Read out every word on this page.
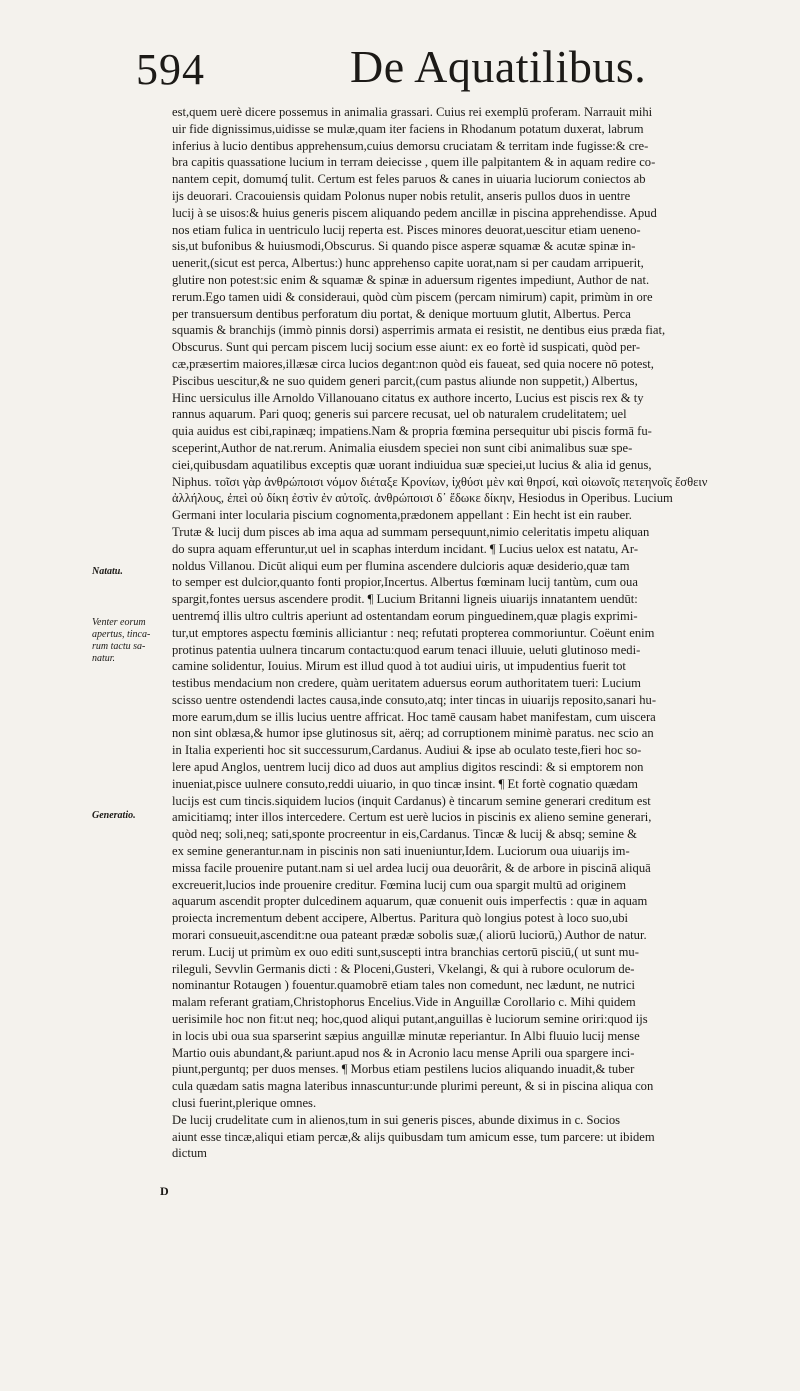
594	De Aquatilibus.
Natatu.
Venter eorum apertus, tinca- rum tactu sa- natur.
Generatio.
D
est,quem uerè dicere possemus in animalia grassari. Cuius rei exemplū proferam. Narrauit mihi
uir fide dignissimus,uidisse se mulæ,quam iter faciens in Rhodanum potatum duxerat, labrum
inferius à lucio dentibus apprehensum,cuius demorsu cruciatam & territam inde fugisse:& cre-
bra capitis quassatione lucium in terram deiecisse , quem ille palpitantem & in aquam redire co-
nantem cepit, domumq́ tulit. Certum est feles paruos & canes in uiuaria luciorum coniectos ab
ijs deuorari. Cracouiensis quidam Polonus nuper nobis retulit, anseris pullos duos in uentre
lucij à se uisos:& huius generis piscem aliquando pedem ancillæ in piscina apprehendisse. Apud
nos etiam fulica in uentriculo lucij reperta est. Pisces minores deuorat,uescitur etiam ueneno-
sis,ut bufonibus & huiusmodi,Obscurus. Si quando pisce asperæ squamæ & acutæ spinæ in-
uenerit,(sicut est perca, Albertus:) hunc apprehenso capite uorat,nam si per caudam arripuerit,
glutire non potest:sic enim & squamæ & spinæ in aduersum rigentes impediunt, Author de nat.
rerum.Ego tamen uidi & consideraui, quòd cùm piscem (percam nimirum) capit, primùm in ore
per transuersum dentibus perforatum diu portat, & denique mortuum glutit, Albertus. Perca
squamis & branchijs (immò pinnis dorsi) asperrimis armata ei resistit, ne dentibus eius præda fiat,
Obscurus. Sunt qui percam piscem lucij socium esse aiunt: ex eo fortè id suspicati, quòd per-
cæ,præsertim maiores,illæsæ circa lucios degant:non quòd eis faueat, sed quia nocere nō potest,
Piscibus uescitur,& ne suo quidem generi parcit,(cum pastus aliunde non suppetit,) Albertus,
Hinc uersiculus ille Arnoldo Villanouano citatus ex authore incerto, Lucius est piscis rex & ty
rannus aquarum. Pari quoq; generis sui parcere recusat, uel ob naturalem crudelitatem; uel
quia auidus est cibi,rapinæq; impatiens.Nam & propria fœmina persequitur ubi piscis formā fu-
sceperint,Author de nat.rerum. Animalia eiusdem speciei non sunt cibi animalibus suæ spe-
ciei,quibusdam aquatilibus exceptis quæ uorant indiuidua suæ speciei,ut lucius & alia id genus,
Niphus. τοῖσι γὰρ ἀνθρώποισι νόμον διέταξε Κρονίων, ἰχθύσι μὲν καὶ θηρσί, καὶ οἰωνοῖς πετεηνοῖς ἔσθειν
ἀλλήλους, ἐπεὶ οὐ δίκη ἐστὶν ἐν αὐτοῖς. ἀνθρώποισι δ᾽ ἔδωκε δίκην, Hesiodus in Operibus. Lucium
Germani inter locularia piscium cognomenta,prædonem appellant : Ein hecht ist ein rauber.
Trutæ & lucij dum pisces ab ima aqua ad summam persequunt,nimio celeritatis impetu aliquan
do supra aquam efferuntur,ut uel in scaphas interdum incidant. ¶ Lucius uelox est natatu, Ar-
noldus Villanou. Dicūt aliqui eum per flumina ascendere dulcioris aquæ desiderio,quæ tam
to semper est dulcior,quanto fonti propior,Incertus. Albertus fœminam lucij tantùm, cum oua
spargit,fontes uersus ascendere prodit. ¶ Lucium Britanni ligneis uiuarijs innatantem uendūt:
uentremq́ illis ultro cultris aperiunt ad ostentandam eorum pinguedinem,quæ plagis exprimi-
tur,ut emptores aspectu fœminis alliciantur : neq; refutati propterea commoriuntur. Coëunt enim
protinus patentia uulnera tincarum contactu:quod earum tenaci illuuie, ueluti glutinoso medi-
camine solidentur, Iouius. Mirum est illud quod à tot audiui uiris, ut impudentius fuerit tot
testibus mendacium non credere, quàm ueritatem aduersus eorum authoritatem tueri: Lucium
scisso uentre ostendendi lactes causa,inde consuto,atq; inter tincas in uiuarijs reposito,sanari hu-
more earum,dum se illis lucius uentre affricat. Hoc tamē causam habet manifestam, cum uiscera
non sint oblæsa,& humor ipse glutinosus sit, aërq; ad corruptionem minimè paratus. nec scio an
in Italia experienti hoc sit successurum,Cardanus. Audiui & ipse ab oculato teste,fieri hoc so-
lere apud Anglos, uentrem lucij dico ad duos aut amplius digitos rescindi: & si emptorem non
inueniat,pisce uulnere consuto,reddi uiuario, in quo tincæ insint. ¶ Et fortè cognatio quædam
lucijs est cum tincis.siquidem lucios (inquit Cardanus) è tincarum semine generari creditum est
amicitiamq; inter illos intercedere. Certum est uerè lucios in piscinis ex alieno semine generari,
quòd neq; soli,neq; sati,sponte procreentur in eis,Cardanus. Tincæ & lucij & absq; semine &
ex semine generantur.nam in piscinis non sati inueniuntur,Idem. Luciorum oua uiuarijs im-
missa facile prouenire putant.nam si uel ardea lucij oua deuorârit, & de arbore in piscinā aliquā
excreuerit,lucios inde prouenire creditur. Fœmina lucij cum oua spargit multū ad originem
aquarum ascendit propter dulcedinem aquarum, quæ conuenit ouis imperfectis : quæ in aquam
proiecta incrementum debent accipere, Albertus. Paritura quò longius potest à loco suo,ubi
morari consueuit,ascendit:ne oua pateant prædæ sobolis suæ,( aliorū luciorū,) Author de natur.
rerum. Lucij ut primùm ex ouo editi sunt,suscepti intra branchias certorū pisciū,( ut sunt mu-
rileguli, Sevvlin Germanis dicti : & Ploceni,Gusteri, Vkelangi, & qui à rubore oculorum de-
nominantur Rotaugen ) fouentur.quamobrē etiam tales non comedunt, nec lædunt, ne nutrici
malam referant gratiam,Christophorus Encelius.Vide in Anguillæ Corollario c. Mihi quidem
uerisimile hoc non fit:ut neq; hoc,quod aliqui putant,anguillas è luciorum semine oriri:quod ijs
in locis ubi oua sua sparserint sæpius anguillæ minutæ reperiantur. In Albi fluuio lucij mense
Martio ouis abundant,& pariunt.apud nos & in Acronio lacu mense Aprili oua spargere inci-
piunt,perguntq; per duos menses. ¶ Morbus etiam pestilens lucios aliquando inuadit,& tuber
cula quædam satis magna lateribus innascuntur:unde plurimi pereunt, & si in piscina aliqua con
clusi fuerint,plerique omnes.
De lucij crudelitate cum in alienos,tum in sui generis pisces, abunde diximus in c. Socios
aiunt esse tincæ,aliqui etiam percæ,& alijs quibusdam tum amicum esse, tum parcere: ut ibidem
dictum
